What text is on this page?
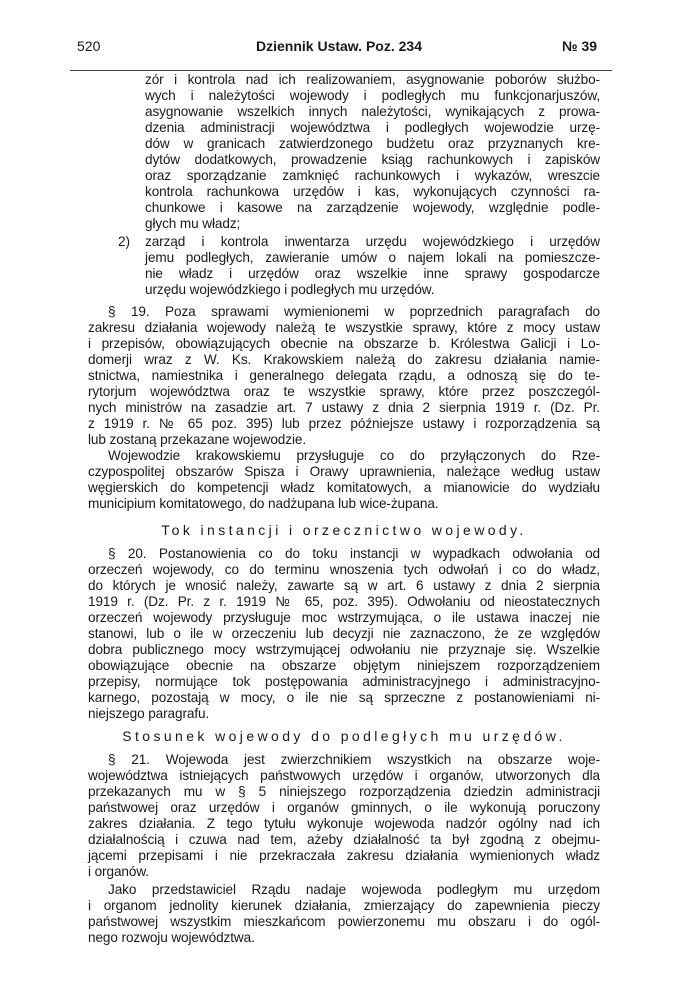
520	Dziennik Ustaw. Poz. 234	№ 39
zór i kontrola nad ich realizowaniem, asygnowanie poborów służbo-
wych i należytości wojewody i podległych mu funkcjonarjuszów,
asygnowanie wszelkich innych należytości, wynikających z prowa-
dzenia administracji województwa i podległych wojewodzie urzę-
dów w granicach zatwierdzonego budżetu oraz przyznanych kre-
dytów dodatkowych, prowadzenie ksiąg rachunkowych i zapisków
oraz sporządzanie zamknięć rachunkowych i wykazów, wreszcie
kontrola rachunkowa urzędów i kas, wykonujących czynności ra-
chunkowe i kasowe na zarządzenie wojewody, względnie podle-
głych mu władz;
2) zarząd i kontrola inwentarza urzędu wojewódzkiego i urzędów
jemu podległych, zawieranie umów o najem lokali na pomieszcze-
nie władz i urzędów oraz wszelkie inne sprawy gospodarcze
urzędu wojewódzkiego i podległych mu urzędów.
§ 19. Poza sprawami wymienionemi w poprzednich paragrafach do
zakresu działania wojewody należą te wszystkie sprawy, które z mocy ustaw
i przepisów, obowiązujących obecnie na obszarze b. Królestwa Galicji i Lo-
domerji wraz z W. Ks. Krakowskiem należą do zakresu działania namie-
stnictwa, namiestnika i generalnego delegata rządu, a odnoszą się do te-
rytorjum województwa oraz te wszystkie sprawy, które przez poszczegól-
nych ministrów na zasadzie art. 7 ustawy z dnia 2 sierpnia 1919 r. (Dz. Pr.
z 1919 r. № 65 poz. 395) lub przez późniejsze ustawy i rozporządzenia są
lub zostaną przekazane wojewodzie.
Wojewodzie krakowskiemu przysługuje co do przyłączonych do Rze-
czypospolitej obszarów Spisza i Orawy uprawnienia, należące według ustaw
węgierskich do kompetencji władz komitatowych, a mianowicie do wydziału
municipium komitatowego, do nadżupana lub wice-żupana.
Tok instancji i orzecznictwo wojewody.
§ 20. Postanowienia co do toku instancji w wypadkach odwołania od
orzeczeń wojewody, co do terminu wnoszenia tych odwołań i co do władz,
do których je wnosić należy, zawarte są w art. 6 ustawy z dnia 2 sierpnia
1919 r. (Dz. Pr. z r. 1919 № 65, poz. 395). Odwołaniu od nieostatecznych
orzeczeń wojewody przysługuje moc wstrzymująca, o ile ustawa inaczej nie
stanowi, lub o ile w orzeczeniu lub decyzji nie zaznaczono, że ze względów
dobra publicznego mocy wstrzymującej odwołaniu nie przyznaje się. Wszelkie
obowiązujące obecnie na obszarze objętym niniejszem rozporządzeniem
przepisy, normujące tok postępowania administracyjnego i administracyjno-
karnego, pozostają w mocy, o ile nie są sprzeczne z postanowieniami ni-
niejszego paragrafu.
Stosunek wojewody do podległych mu urzędów.
§ 21. Wojewoda jest zwierzchnikiem wszystkich na obszarze woje-
województwa istniejących państwowych urzędów i organów, utworzonych dla
przekazanych mu w § 5 niniejszego rozporządzenia dziedzin administracji
państwowej oraz urzędów i organów gminnych, o ile wykonują poruczony
zakres działania. Z tego tytułu wykonuje wojewoda nadzór ogólny nad ich
działalnością i czuwa nad tem, ażeby działalność ta był zgodną z obejmu-
jącemi przepisami i nie przekraczała zakresu działania wymienionych władz
i organów.
Jako przedstawiciel Rządu nadaje wojewoda podległym mu urzędom
i organom jednolity kierunek działania, zmierzający do zapewnienia pieczy
państwowej wszystkim mieszkańcom powierzonemu mu obszaru i do ogól-
nego rozwoju województwa.
